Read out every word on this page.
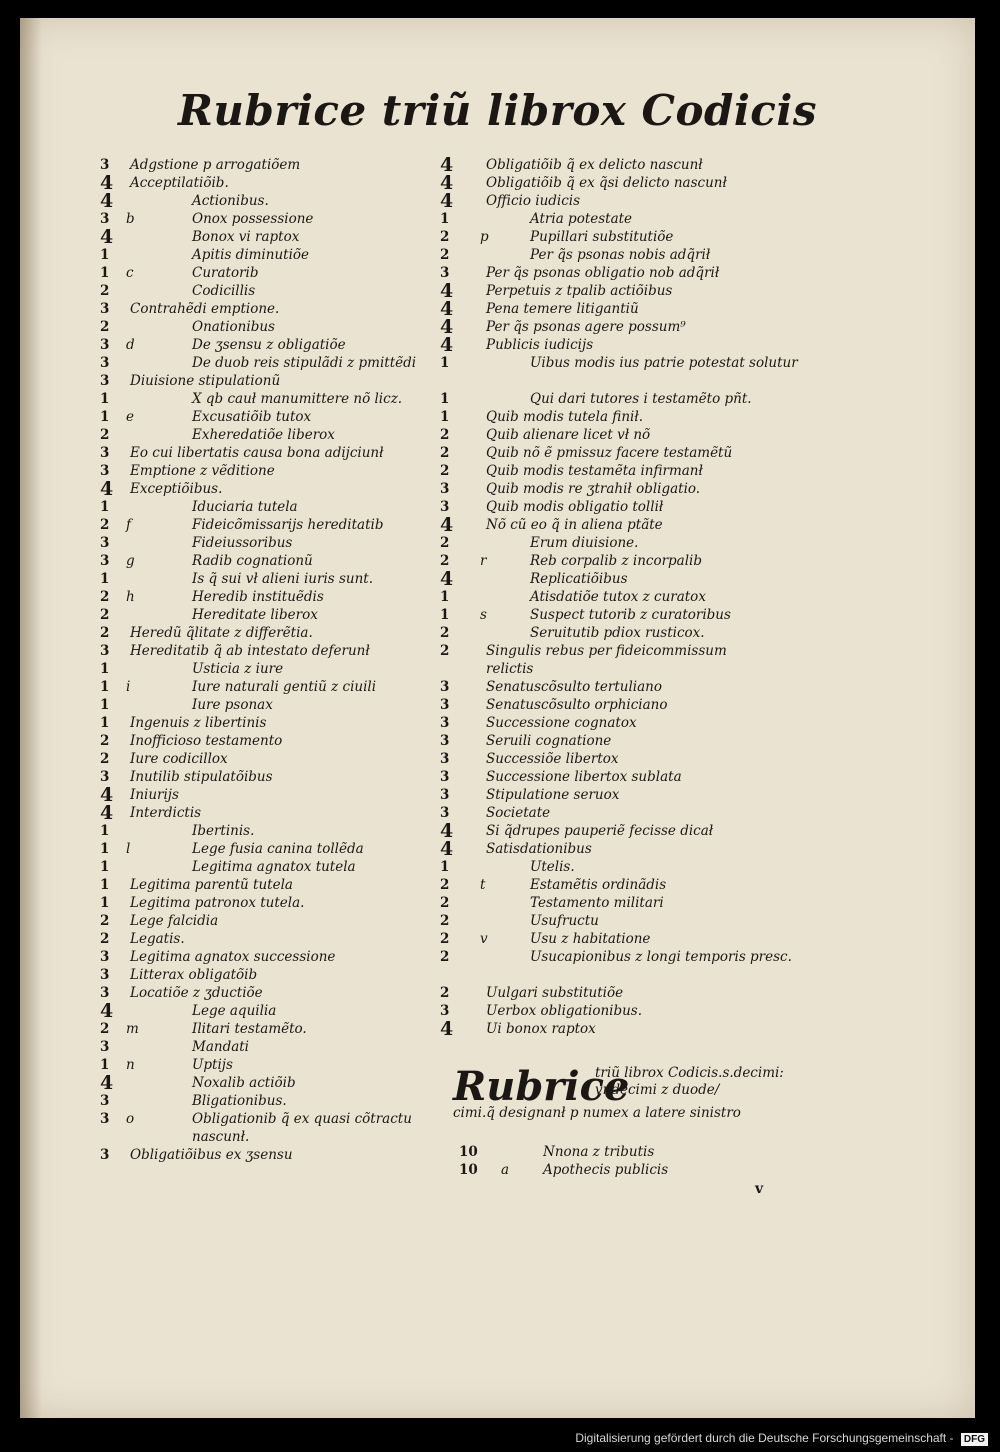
Rubrice triũ librox Codicis
3	Adgstione p arrogatiõem
4	Acceptilatiõib.
4	Actionibus.
3	b	Onox possessione
4	Bonox vi raptox
1	Apitis diminutiõe
1	c	Curatorib
2	Codicillis
3	Contrahẽdi emptione.
2	Onationibus
3	d	De ʒsensu z obligatiõe
3	De duob reis stipulãdi z pmittẽdi
3	Diuisione stipulationũ
1	X qb cauł manumittere nõ licz.
1	e	Excusatiõib tutox
2	Exheredatiõe liberox
3	Eo cui libertatis causa bona adijciunł
3	Emptione z vẽditione
4	Exceptiõibus.
1	Iduciaria tutela
2	f	Fideicõmissarijs hereditatib
3	Fideiussoribus
3	g	Radib cognationũ
1	Is q̃ sui vł alieni iuris sunt.
2	h	Heredib instituẽdis
2	Hereditate liberox
2	Heredũ q̃litate z differẽtia.
3	Hereditatib q̃ ab intestato deferunł
1	Usticia z iure
1	i	Iure naturali gentiũ z ciuili
1	Iure psonax
1	Ingenuis z libertinis
2	Inofficioso testamento
2	Iure codicillox
3	Inutilib stipulatõibus
4	Iniurijs
4	Interdictis
1	Ibertinis.
1	l	Lege fusia canina tollẽda
1	Legitima agnatox tutela
1	Legitima parentũ tutela
1	Legitima patronox tutela.
2	Lege falcidia
2	Legatis.
3	Legitima agnatox successione
3	Litterax obligatõib
3	Locatiõe z ʒductiõe
4	Lege aquilia
2	m	Ilitari testamẽto.
3	Mandati
1	n	Uptijs
4	Noxalib actiõib
3	Bligationibus.
3	o	Obligationib q̃ ex quasi cõtractu nascunł.
3	Obligatiõibus ex ʒsensu
4	Obligatiõib q̃ ex delicto nascunł
4	Obligatiõib q̃ ex q̃si delicto nascunł
4	Officio iudicis
1	Atria potestate
2	p	Pupillari substitutiõe
2	Per q̃s psonas nobis adq̃rił
3	Per q̃s psonas obligatio nob adq̃rił
4	Perpetuis z tpalib actiõibus
4	Pena temere litigantiũ
4	Per q̃s psonas agere possum⁹
4	Publicis iudicijs
1	Uibus modis ius patrie potestat solutur
1	Qui dari tutores i testamẽto pñt.
1	Quib modis tutela finił.
2	Quib alienare licet vł nõ
2	Quib nõ ẽ pmissuz facere testamẽtũ
2	Quib modis testamẽta infirmanł
3	Quib modis re ʒtrahił obligatio.
3	Quib modis obligatio tollił
4	Nõ cũ eo q̃ in aliena ptãte
2	Erum diuisione.
2	r	Reb corpalib z incorpalib
4	Replicatiõibus
1	Atisdatiõe tutox z curatox
1	s	Suspect tutorib z curatoribus
2	Seruitutib pdiox rusticox.
2	Singulis rebus per fideicommissum relictis
3	Senatuscõsulto tertuliano
3	Senatuscõsulto orphiciano
3	Successione cognatox
3	Seruili cognatione
3	Successiõe libertox
3	Successione libertox sublata
3	Stipulatione seruox
3	Societate
4	Si q̃drupes pauperiẽ fecisse dicał
4	Satisdationibus
1	Utelis.
2	t	Estamẽtis ordinãdis
2	Testamento militari
2	Usufructu
2	v	Usu z habitatione
2	Usucapionibus z longi temporis presc.
2	Uulgari substitutiõe
3	Uerbox obligationibus.
4	Ui bonox raptox
Rubrice
triũ librox Codicis.s.decimi: vndecimi z duode/
cimi.q̃ designanł p numex a latere sinistro
10	Nnona z tributis
10	a	Apothecis publicis
v
Digitalisierung gefördert durch die Deutsche Forschungsgemeinschaft - DFG
